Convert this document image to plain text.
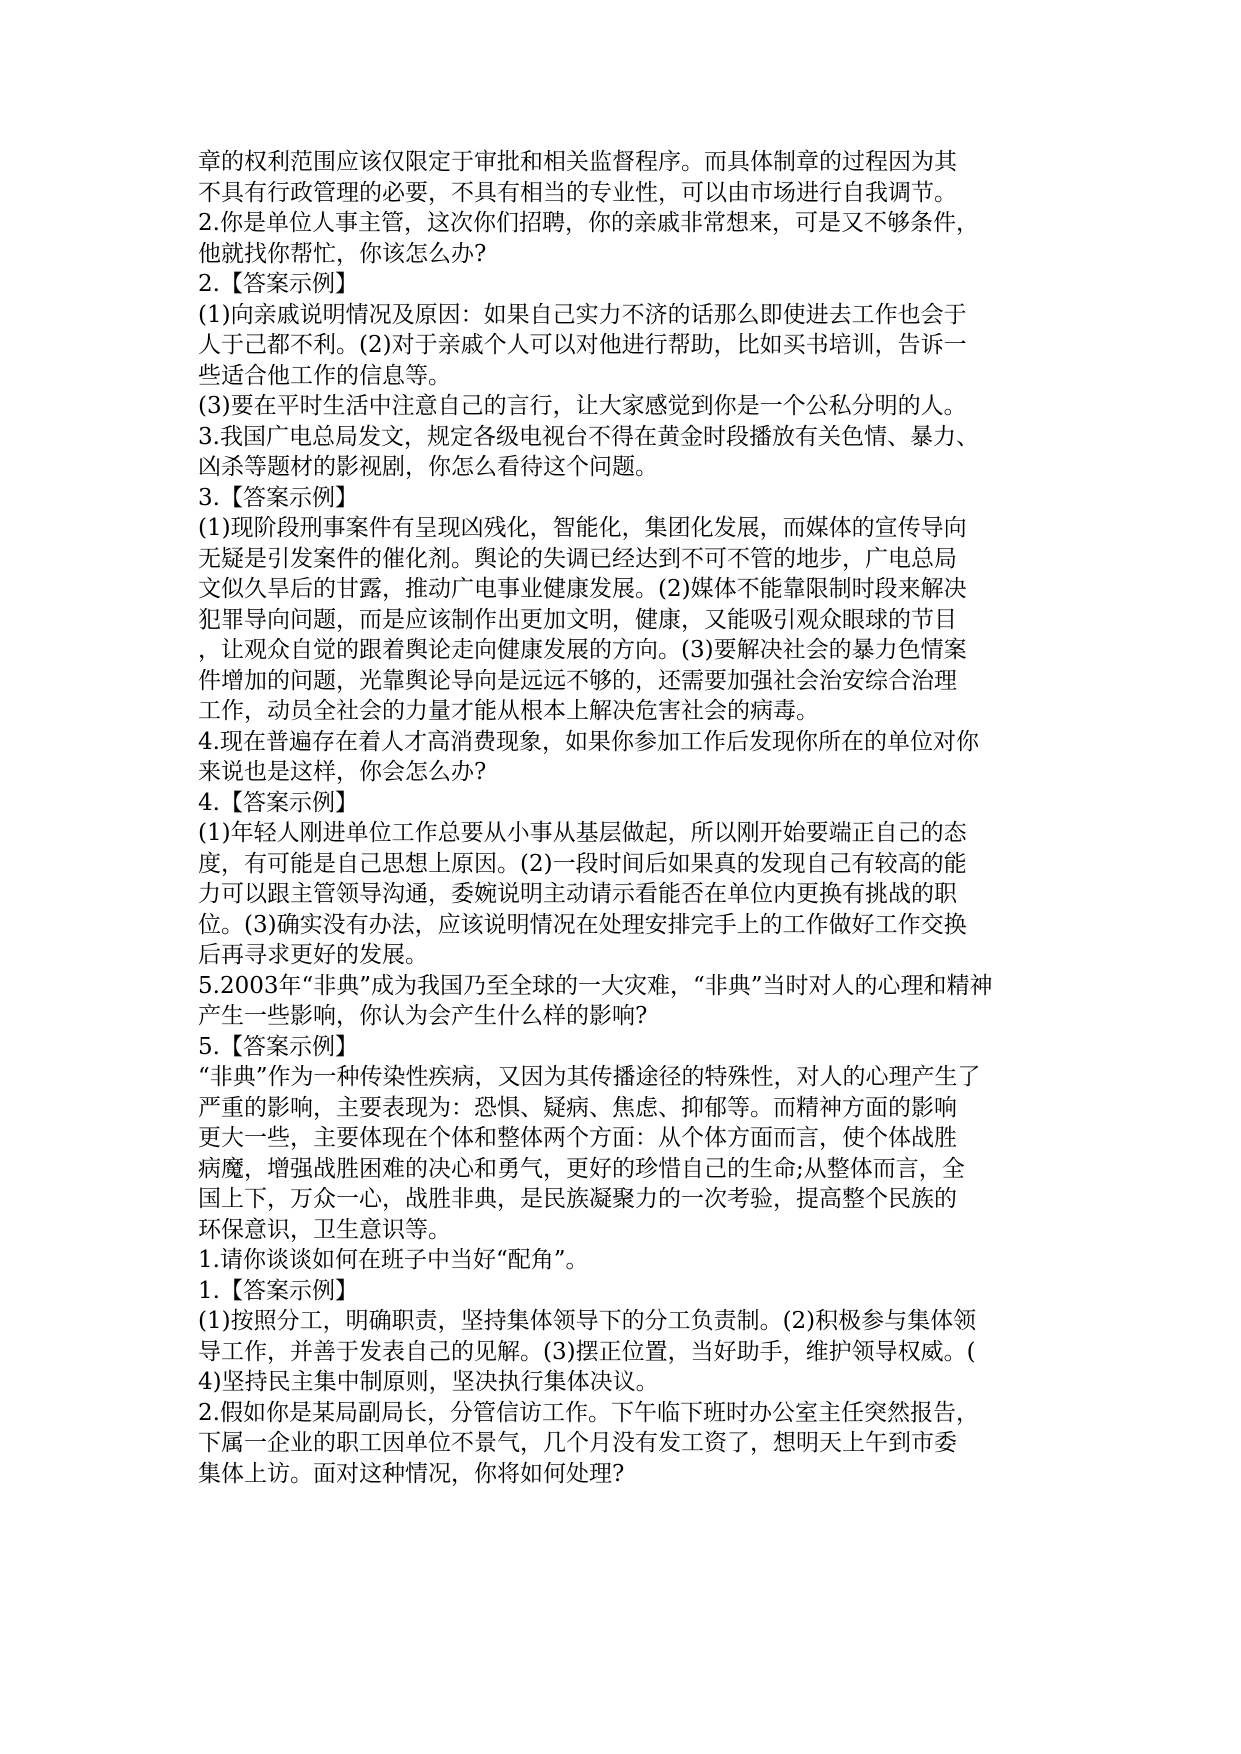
章的权利范围应该仅限定于审批和相关监督程序。而具体制章的过程因为其
不具有行政管理的必要，不具有相当的专业性，可以由市场进行自我调节。
2.你是单位人事主管，这次你们招聘，你的亲戚非常想来，可是又不够条件，
他就找你帮忙，你该怎么办?
2.【答案示例】
(1)向亲戚说明情况及原因：如果自己实力不济的话那么即使进去工作也会于
人于己都不利。(2)对于亲戚个人可以对他进行帮助，比如买书培训，告诉一
些适合他工作的信息等。
(3)要在平时生活中注意自己的言行，让大家感觉到你是一个公私分明的人。
3.我国广电总局发文，规定各级电视台不得在黄金时段播放有关色情、暴力、
凶杀等题材的影视剧，你怎么看待这个问题。
3.【答案示例】
(1)现阶段刑事案件有呈现凶残化，智能化，集团化发展，而媒体的宣传导向
无疑是引发案件的催化剂。舆论的失调已经达到不可不管的地步，广电总局
文似久旱后的甘露，推动广电事业健康发展。(2)媒体不能靠限制时段来解决
犯罪导向问题，而是应该制作出更加文明，健康，又能吸引观众眼球的节目
，让观众自觉的跟着舆论走向健康发展的方向。(3)要解决社会的暴力色情案
件增加的问题，光靠舆论导向是远远不够的，还需要加强社会治安综合治理
工作，动员全社会的力量才能从根本上解决危害社会的病毒。
4.现在普遍存在着人才高消费现象，如果你参加工作后发现你所在的单位对你
来说也是这样，你会怎么办?
4.【答案示例】
(1)年轻人刚进单位工作总要从小事从基层做起，所以刚开始要端正自己的态
度，有可能是自己思想上原因。(2)一段时间后如果真的发现自己有较高的能
力可以跟主管领导沟通，委婉说明主动请示看能否在单位内更换有挑战的职
位。(3)确实没有办法，应该说明情况在处理安排完手上的工作做好工作交换
后再寻求更好的发展。
5.2003年“非典”成为我国乃至全球的一大灾难，“非典”当时对人的心理和精神
产生一些影响，你认为会产生什么样的影响?
5.【答案示例】
“非典”作为一种传染性疾病，又因为其传播途径的特殊性，对人的心理产生了
严重的影响，主要表现为：恐惧、疑病、焦虑、抑郁等。而精神方面的影响
更大一些，主要体现在个体和整体两个方面：从个体方面而言，使个体战胜
病魔，增强战胜困难的决心和勇气，更好的珍惜自己的生命;从整体而言，全
国上下，万众一心，战胜非典，是民族凝聚力的一次考验，提高整个民族的
环保意识，卫生意识等。
1.请你谈谈如何在班子中当好“配角”。
1.【答案示例】
(1)按照分工，明确职责，坚持集体领导下的分工负责制。(2)积极参与集体领
导工作，并善于发表自己的见解。(3)摆正位置，当好助手，维护领导权威。(
4)坚持民主集中制原则，坚决执行集体决议。
2.假如你是某局副局长，分管信访工作。下午临下班时办公室主任突然报告，
下属一企业的职工因单位不景气，几个月没有发工资了，想明天上午到市委
集体上访。面对这种情况，你将如何处理?
